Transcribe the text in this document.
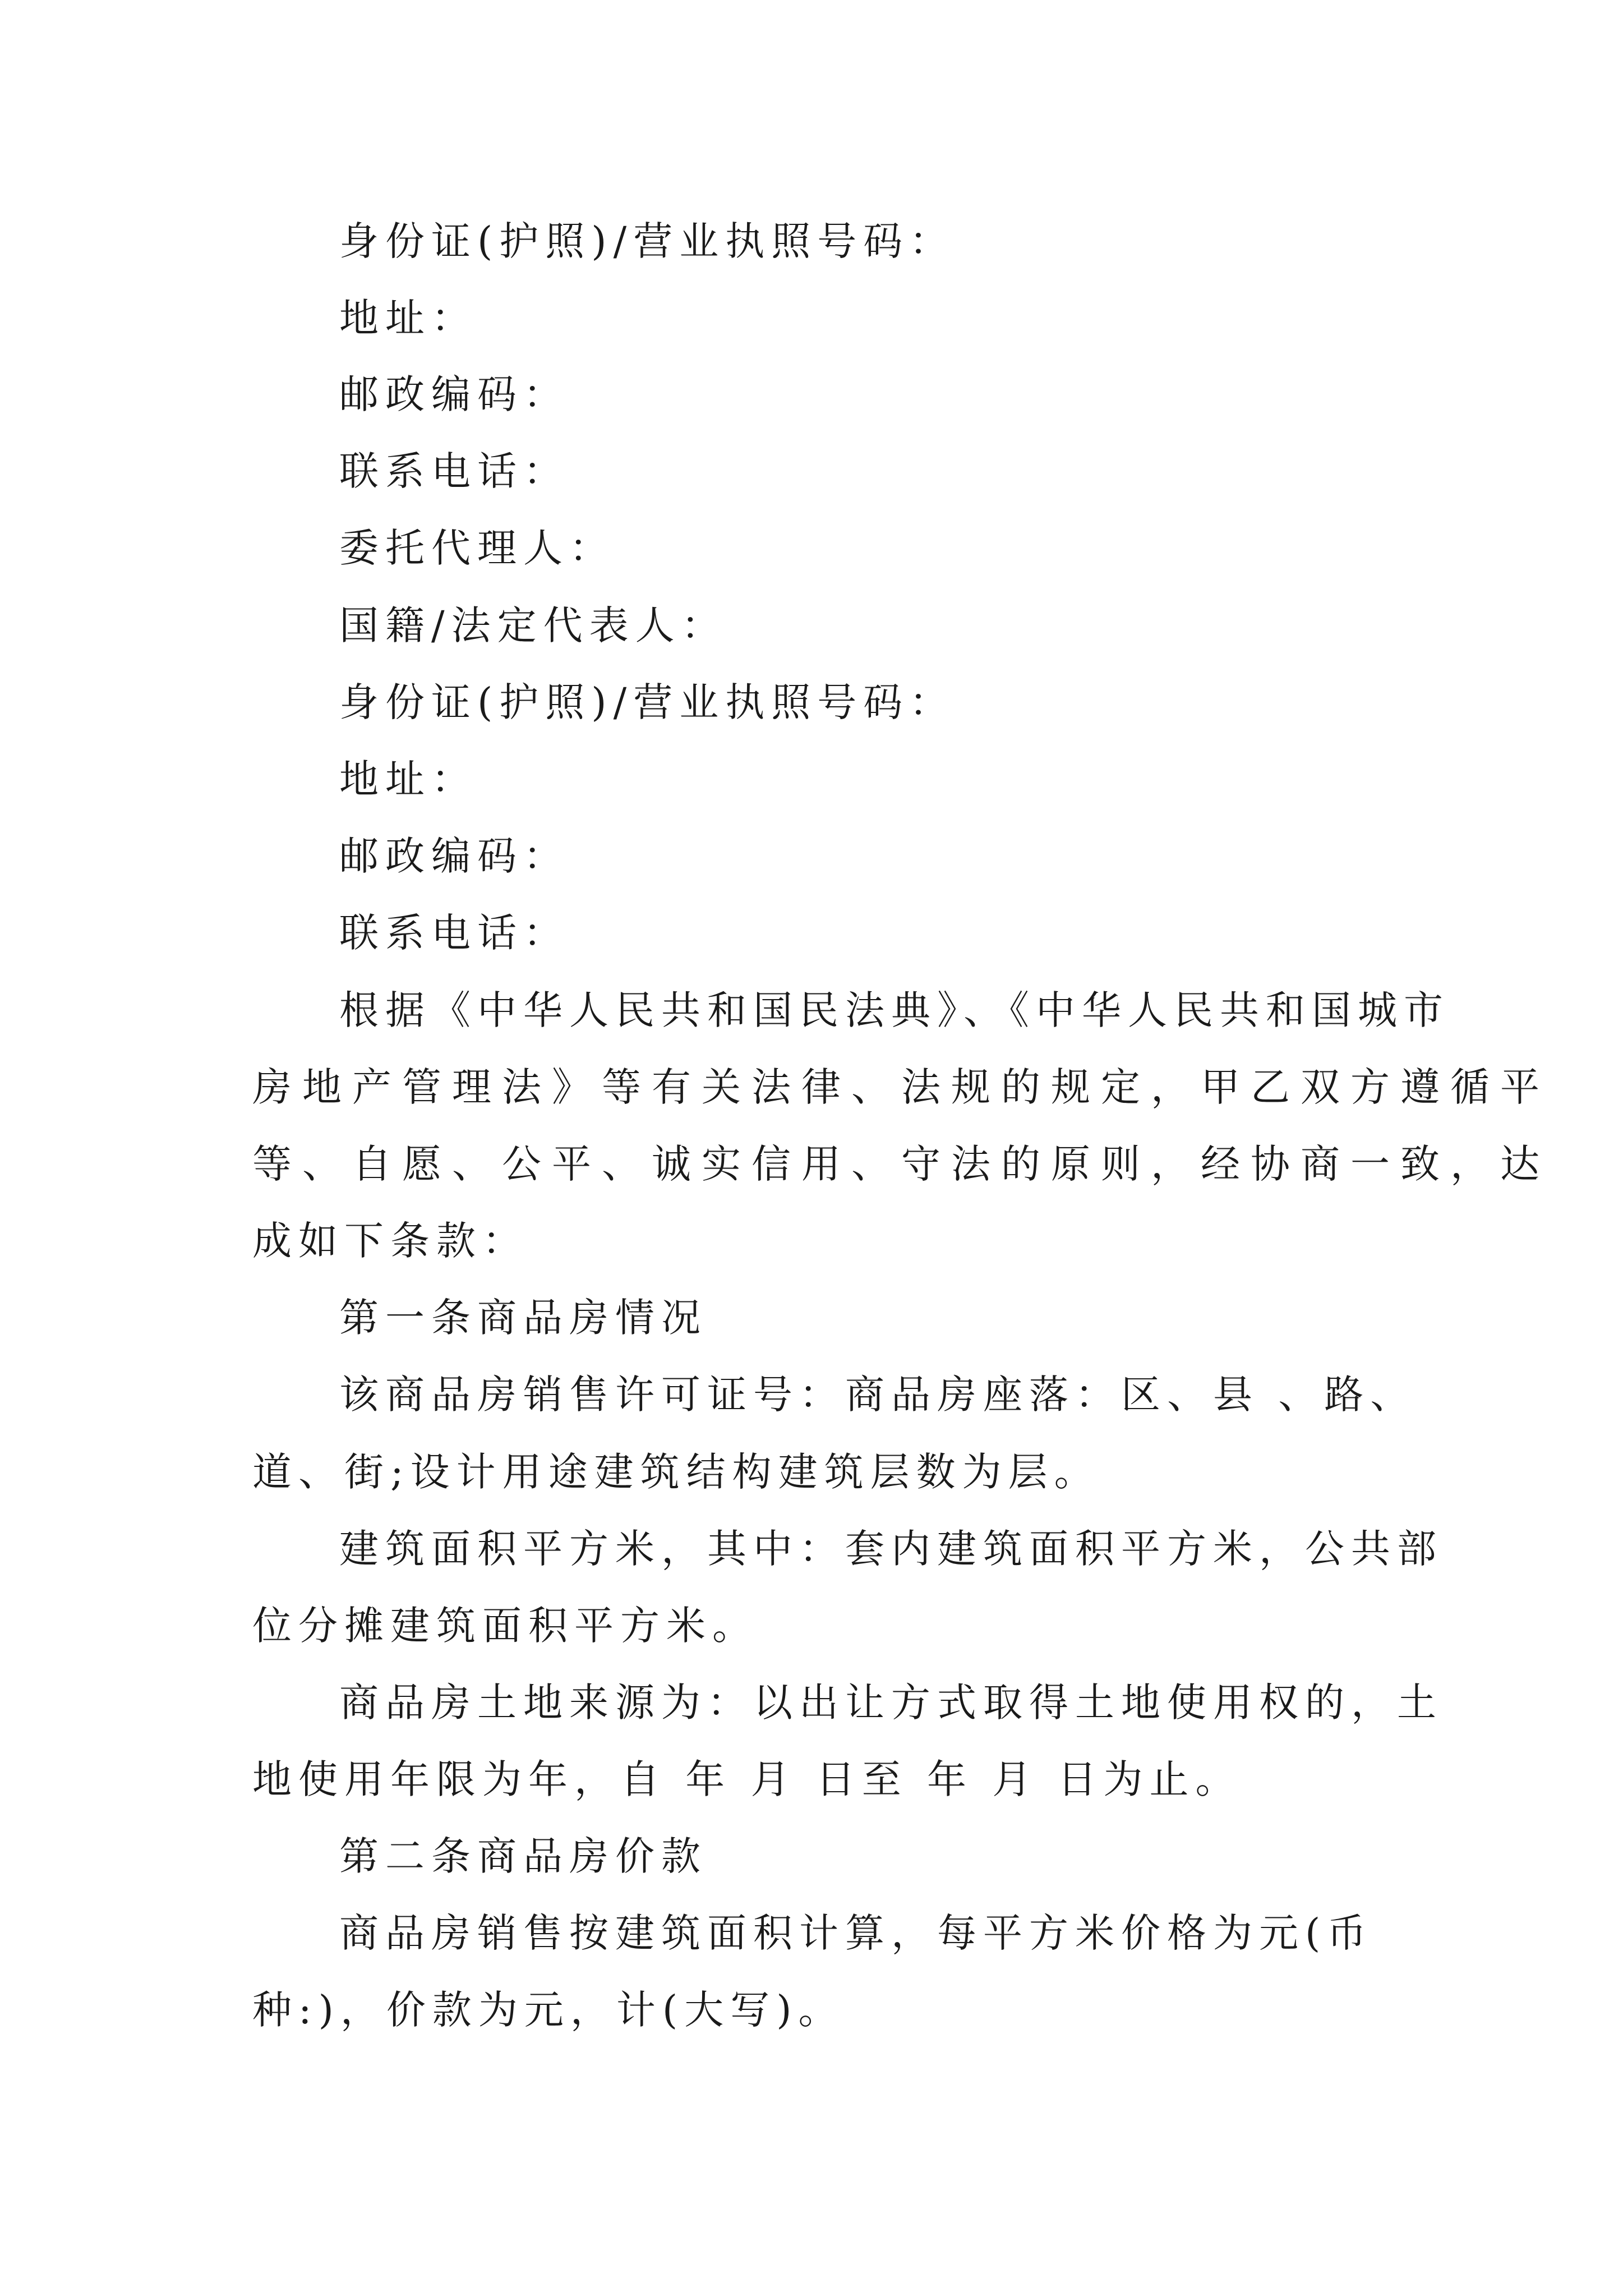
身份证(护照)/营业执照号码：
地址：
邮政编码：
联系电话：
委托代理人：
国籍/法定代表人：
身份证(护照)/营业执照号码：
地址：
邮政编码：
联系电话：
根据《中华人民共和国民法典》、《中华人民共和国城市
房地产管理法》等有关法律、法规的规定，甲乙双方遵循平
等、自愿、公平、诚实信用、守法的原则，经协商一致，达
成如下条款：
第一条商品房情况
该商品房销售许可证号：商品房座落：区、县 、路、
道、街;设计用途建筑结构建筑层数为层。
建筑面积平方米，其中：套内建筑面积平方米，公共部
位分摊建筑面积平方米。
商品房土地来源为：以出让方式取得土地使用权的，土
地使用年限为年，自 年 月 日至 年 月 日为止。
第二条商品房价款
商品房销售按建筑面积计算，每平方米价格为元(币
种:)，价款为元，计(大写)。
